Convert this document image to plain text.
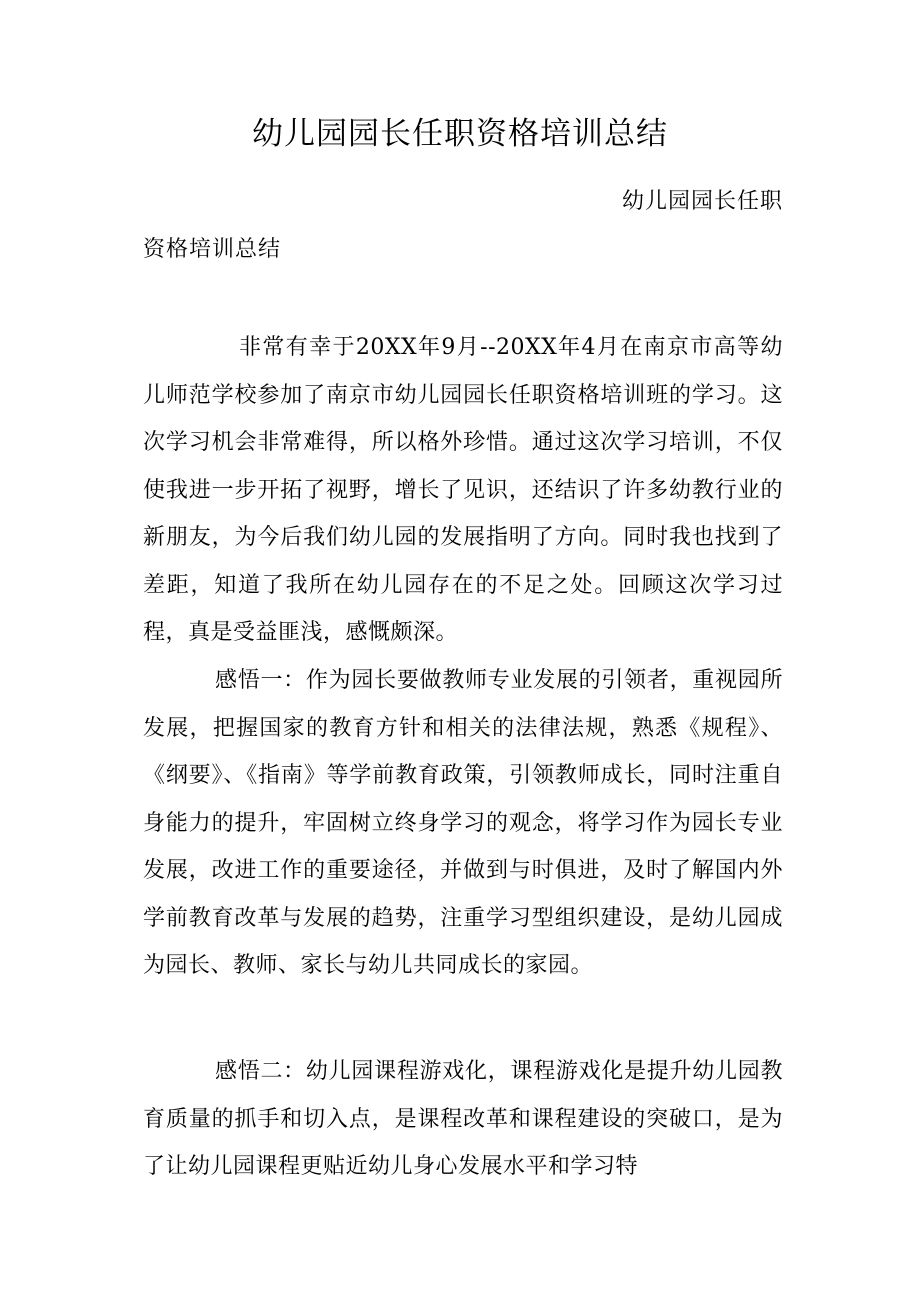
幼儿园园长任职资格培训总结
幼儿园园长任职
资格培训总结

非常有幸于20XX年9月--20XX年4月在南京市高等幼儿师范学校参加了南京市幼儿园园长任职资格培训班的学习。这次学习机会非常难得，所以格外珍惜。通过这次学习培训，不仅使我进一步开拓了视野，增长了见识，还结识了许多幼教行业的新朋友，为今后我们幼儿园的发展指明了方向。同时我也找到了差距，知道了我所在幼儿园存在的不足之处。回顾这次学习过程，真是受益匪浅，感慨颇深。

感悟一：作为园长要做教师专业发展的引领者，重视园所发展，把握国家的教育方针和相关的法律法规，熟悉《规程》、《纲要》、《指南》等学前教育政策，引领教师成长，同时注重自身能力的提升，牢固树立终身学习的观念，将学习作为园长专业发展，改进工作的重要途径，并做到与时俱进，及时了解国内外学前教育改革与发展的趋势，注重学习型组织建设，是幼儿园成为园长、教师、家长与幼儿共同成长的家园。

感悟二：幼儿园课程游戏化，课程游戏化是提升幼儿园教育质量的抓手和切入点，是课程改革和课程建设的突破口，是为了让幼儿园课程更贴近幼儿身心发展水平和学习特
